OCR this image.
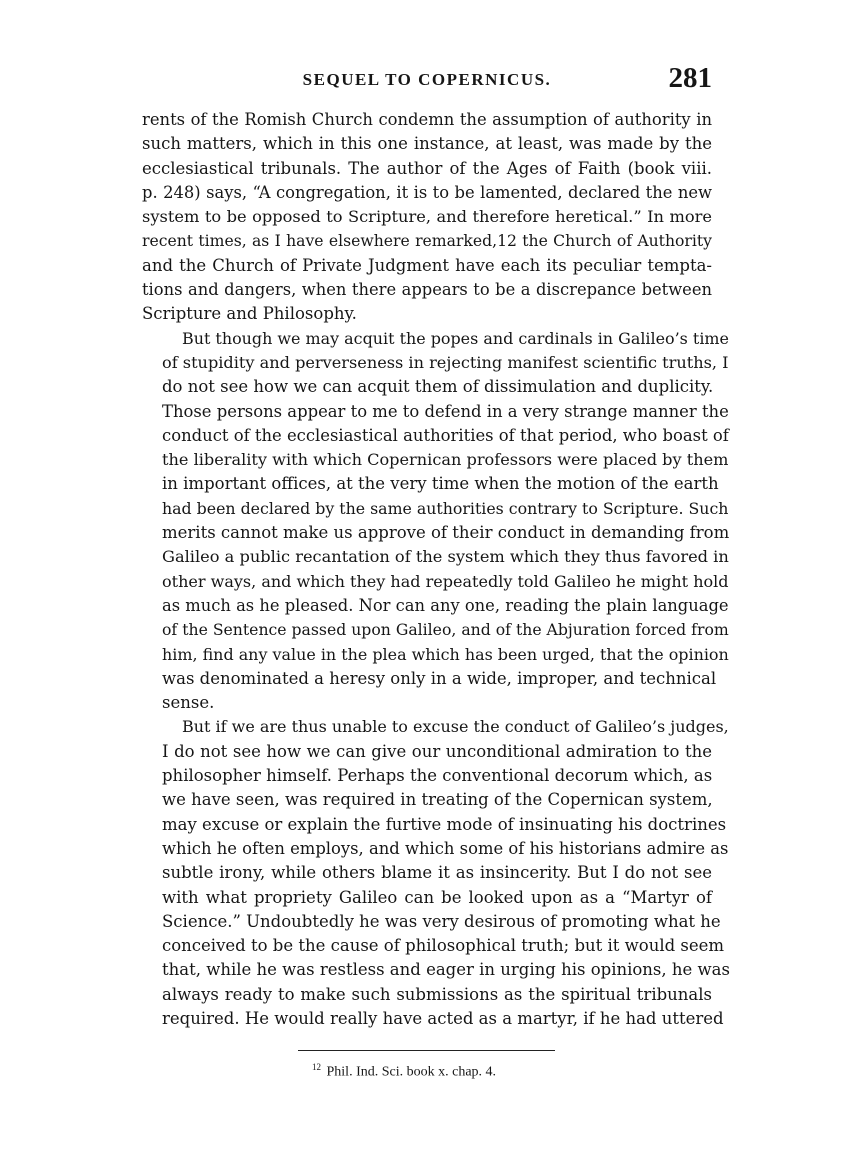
SEQUEL TO COPERNICUS.	281
rents of the Romish Church condemn the assumption of authority in
such matters, which in this one instance, at least, was made by the
ecclesiastical tribunals. The author of the Ages of Faith (book viii.
p. 248) says, “A congregation, it is to be lamented, declared the new
system to be opposed to Scripture, and therefore heretical.” In more
recent times, as I have elsewhere remarked,12 the Church of Authority
and the Church of Private Judgment have each its peculiar tempta-
tions and dangers, when there appears to be a discrepance between
Scripture and Philosophy.
But though we may acquit the popes and cardinals in Galileo’s time
of stupidity and perverseness in rejecting manifest scientific truths, I
do not see how we can acquit them of dissimulation and duplicity.
Those persons appear to me to defend in a very strange manner the
conduct of the ecclesiastical authorities of that period, who boast of
the liberality with which Copernican professors were placed by them
in important offices, at the very time when the motion of the earth
had been declared by the same authorities contrary to Scripture. Such
merits cannot make us approve of their conduct in demanding from
Galileo a public recantation of the system which they thus favored in
other ways, and which they had repeatedly told Galileo he might hold
as much as he pleased. Nor can any one, reading the plain language
of the Sentence passed upon Galileo, and of the Abjuration forced from
him, find any value in the plea which has been urged, that the opinion
was denominated a heresy only in a wide, improper, and technical
sense.
But if we are thus unable to excuse the conduct of Galileo’s judges,
I do not see how we can give our unconditional admiration to the
philosopher himself. Perhaps the conventional decorum which, as
we have seen, was required in treating of the Copernican system,
may excuse or explain the furtive mode of insinuating his doctrines
which he often employs, and which some of his historians admire as
subtle irony, while others blame it as insincerity. But I do not see
with what propriety Galileo can be looked upon as a “Martyr of
Science.” Undoubtedly he was very desirous of promoting what he
conceived to be the cause of philosophical truth; but it would seem
that, while he was restless and eager in urging his opinions, he was
always ready to make such submissions as the spiritual tribunals
required. He would really have acted as a martyr, if he had uttered
$^{12}$ Phil. Ind. Sci. book x. chap. 4.
